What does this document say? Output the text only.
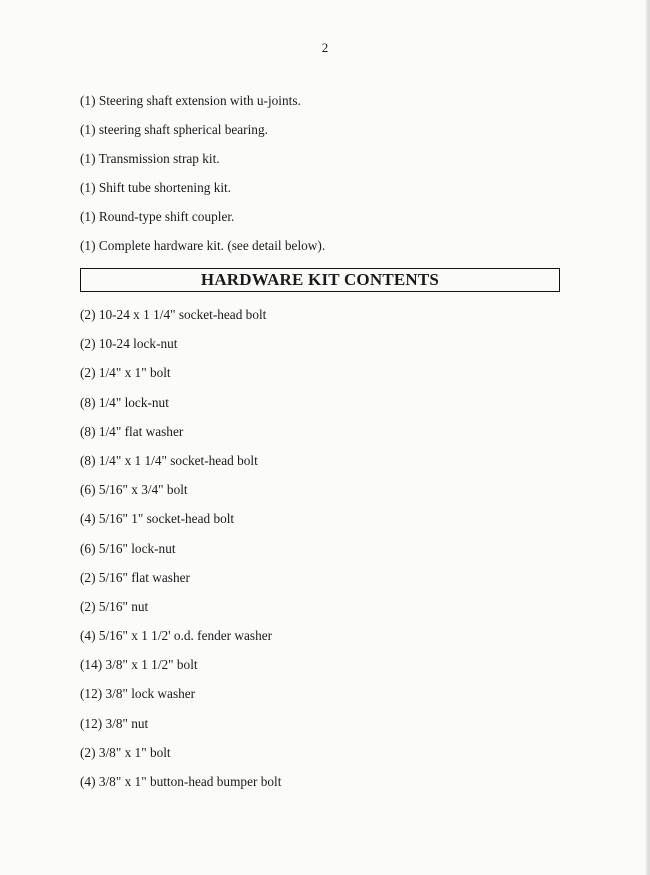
2
(1) Steering shaft extension with u-joints.
(1) steering shaft spherical bearing.
(1) Transmission strap kit.
(1) Shift tube shortening kit.
(1) Round-type shift coupler.
(1) Complete hardware kit. (see detail below).
HARDWARE KIT CONTENTS
(2) 10-24 x 1 1/4" socket-head bolt
(2) 10-24 lock-nut
(2) 1/4" x 1" bolt
(8) 1/4" lock-nut
(8) 1/4" flat washer
(8) 1/4" x 1 1/4" socket-head bolt
(6) 5/16" x 3/4" bolt
(4) 5/16" 1" socket-head bolt
(6) 5/16" lock-nut
(2) 5/16" flat washer
(2) 5/16" nut
(4) 5/16" x 1 1/2' o.d. fender washer
(14) 3/8" x 1 1/2" bolt
(12) 3/8" lock washer
(12) 3/8" nut
(2) 3/8" x 1" bolt
(4) 3/8" x 1" button-head bumper bolt
